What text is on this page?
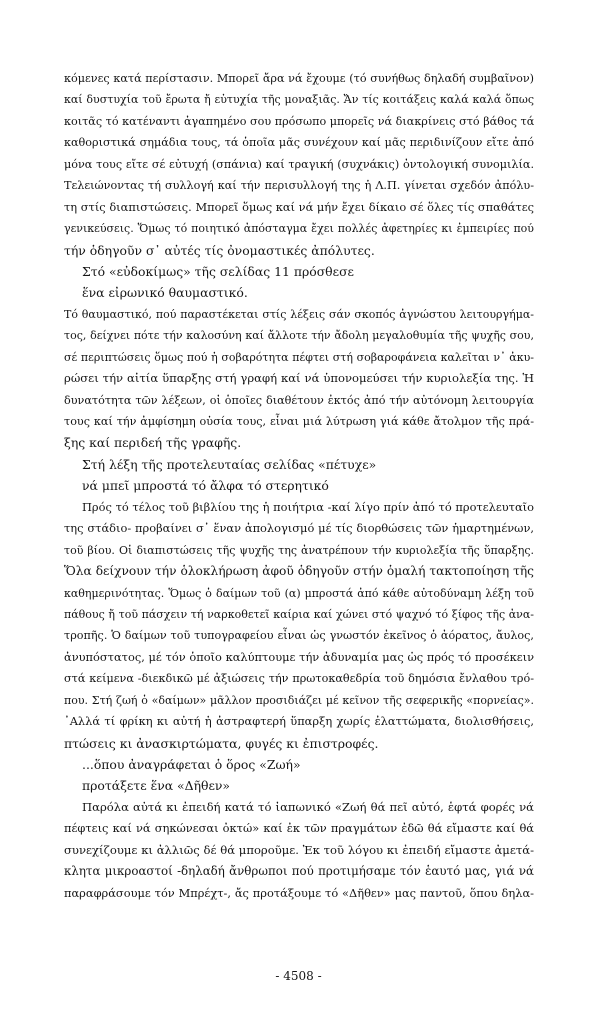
κόμενες κατά περίστασιν. Μπορεῖ ἄρα νά ἔχουμε (τό συνήθως δηλαδή συμβαῖνον)
καί δυστυχία τοῦ ἔρωτα ἤ εὐτυχία τῆς μοναξιᾶς. Ἄν τίς κοιτάξεις καλά καλά ὅπως
κοιτᾶς τό κατέναντι ἀγαπημένο σου πρόσωπο μπορεῖς νά διακρίνεις στό βάθος τά
καθοριστικά σημάδια τους, τά ὁποῖα μᾶς συνέχουν καί μᾶς περιδινίζουν εἴτε ἀπό
μόνα τους εἴτε σέ εὐτυχή (σπάνια) καί τραγική (συχνάκις) ὀντολογική συνομιλία.
Τελειώνοντας τή συλλογή καί τήν περισυλλογή της ἡ Λ.Π. γίνεται σχεδόν ἀπόλυ-
τη στίς διαπιστώσεις. Μπορεῖ ὅμως καί νά μήν ἔχει δίκαιο σέ ὅλες τίς σπαθάτες
γενικεύσεις. Ὅμως τό ποιητικό ἀπόσταγμα ἔχει πολλές ἀφετηρίες κι ἐμπειρίες πού
τήν ὁδηγοῦν σ᾽ αὐτές τίς ὀνομαστικές ἀπόλυτες.
Στό «εὐδοκίμως» τῆς σελίδας 11 πρόσθεσε
ἕνα εἰρωνικό θαυμαστικό.
Τό θαυμαστικό, πού παραστέκεται στίς λέξεις σάν σκοπός ἀγνώστου λειτουργήμα-
τος, δείχνει πότε τήν καλοσύνη καί ἄλλοτε τήν ἄδολη μεγαλοθυμία τῆς ψυχῆς σου,
σέ περιπτώσεις ὅμως πού ἡ σοβαρότητα πέφτει στή σοβαροφάνεια καλεῖται ν᾽ ἀκυ-
ρώσει τήν αἰτία ὕπαρξης στή γραφή καί νά ὑπονομεύσει τήν κυριολεξία της. Ἡ
δυνατότητα τῶν λέξεων, οἱ ὁποῖες διαθέτουν ἐκτός ἀπό τήν αὐτόνομη λειτουργία
τους καί τήν ἀμφίσημη οὐσία τους, εἶναι μιά λύτρωση γιά κάθε ἄτολμον τῆς πρά-
ξης καί περιδεή τῆς γραφῆς.
Στή λέξη τῆς προτελευταίας σελίδας «πέτυχε»
νά μπεῖ μπροστά τό ἄλφα τό στερητικό
Πρός τό τέλος τοῦ βιβλίου της ἡ ποιήτρια -καί λίγο πρίν ἀπό τό προτελευταῖο
της στάδιο- προβαίνει σ᾽ ἕναν ἀπολογισμό μέ τίς διορθώσεις τῶν ἡμαρτημένων,
τοῦ βίου. Οἱ διαπιστώσεις τῆς ψυχῆς της ἀνατρέπουν τήν κυριολεξία τῆς ὕπαρξης.
Ὅλα δείχνουν τήν ὁλοκλήρωση ἀφοῦ ὁδηγοῦν στήν ὁμαλή τακτοποίηση τῆς
καθημερινότητας. Ὅμως ὁ δαίμων τοῦ (α) μπροστά ἀπό κάθε αὐτοδύναμη λέξη τοῦ
πάθους ἤ τοῦ πάσχειν τή ναρκοθετεῖ καίρια καί χώνει στό ψαχνό τό ξίφος τῆς ἀνα-
τροπῆς. Ὁ δαίμων τοῦ τυπογραφείου εἶναι ὡς γνωστόν ἐκεῖνος ὁ ἀόρατος, ἄυλος,
ἀνυπόστατος, μέ τόν ὁποῖο καλύπτουμε τήν ἀδυναμία μας ὡς πρός τό προσέκειν
στά κείμενα -διεκδικῶ μέ ἀξιώσεις τήν πρωτοκαθεδρία τοῦ δημόσια ἔνλαθου τρό-
που. Στή ζωή ὁ «δαίμων» μᾶλλον προσιδιάζει μέ κεῖνον τῆς σεφερικῆς «πορνείας».
᾽Αλλά τί φρίκη κι αὐτή ἡ ἀστραφτερή ὕπαρξη χωρίς ἐλαττώματα, διολισθήσεις,
πτώσεις κι ἀνασκιρτώματα, φυγές κι ἐπιστροφές.
...ὅπου ἀναγράφεται ὁ ὅρος «Ζωή»
προτάξετε ἕνα «Δῆθεν»
Παρόλα αὐτά κι ἐπειδή κατά τό ἰαπωνικό «Ζωή θά πεῖ αὐτό, ἑφτά φορές νά
πέφτεις καί νά σηκώνεσαι ὀκτώ» καί ἐκ τῶν πραγμάτων ἐδῶ θά εἴμαστε καί θά
συνεχίζουμε κι ἀλλιῶς δέ θά μποροῦμε. Ἐκ τοῦ λόγου κι ἐπειδή εἴμαστε ἀμετά-
κλητα μικροαστοί -δηλαδή ἄνθρωποι πού προτιμήσαμε τόν ἑαυτό μας, γιά νά
παραφράσουμε τόν Μπρέχτ-, ἄς προτάξουμε τό «Δῆθεν» μας παντοῦ, ὅπου δηλα-
- 4508 -
